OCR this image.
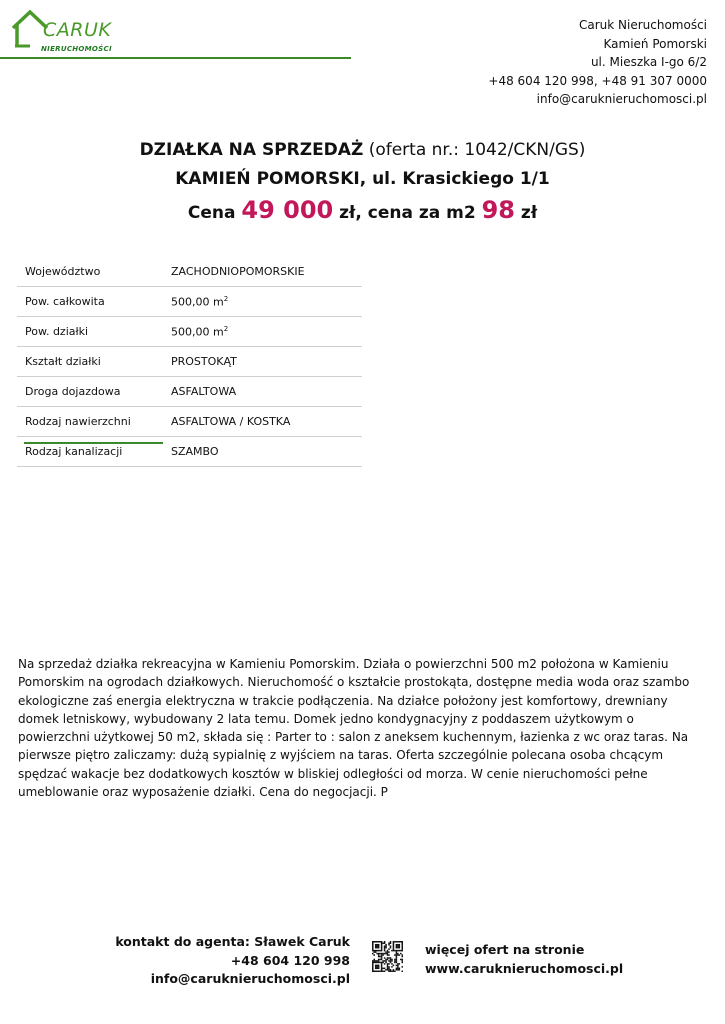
CARUK
NIERUCHOMOŚCI
Caruk Nieruchomości
Kamień Pomorski
ul. Mieszka I-go 6/2
+48 604 120 998, +48 91 307 0000
info@caruknieruchomosci.pl
DZIAŁKA NA SPRZEDAŻ (oferta nr.: 1042/CKN/GS)
KAMIEŃ POMORSKI, ul. Krasickiego 1/1
Cena 49 000 zł, cena za m2 98 zł
Województwo	ZACHODNIOPOMORSKIE
Pow. całkowita	500,00 $m^2$
Pow. działki	500,00 $m^2$
Kształt działki	PROSTOKĄT
Droga dojazdowa	ASFALTOWA
Rodzaj nawierzchni	ASFALTOWA / KOSTKA
Rodzaj kanalizacji	SZAMBO
Na sprzedaż działka rekreacyjna w Kamieniu Pomorskim. Działa o powierzchni 500 m2 położona w Kamieniu Pomorskim na ogrodach działkowych. Nieruchomość o kształcie prostokąta, dostępne media woda oraz szambo ekologiczne zaś energia elektryczna w trakcie podłączenia. Na działce położony jest komfortowy, drewniany domek letniskowy, wybudowany 2 lata temu. Domek jedno kondygnacyjny z poddaszem użytkowym o powierzchni użytkowej 50 m2, składa się : Parter to : salon z aneksem kuchennym, łazienka z wc oraz taras. Na pierwsze piętro zaliczamy: dużą sypialnię z wyjściem na taras. Oferta szczególnie polecana osoba chcącym spędzać wakacje bez dodatkowych kosztów w bliskiej odległości od morza. W cenie nieruchomości pełne umeblowanie oraz wyposażenie działki. Cena do negocjacji. P
kontakt do agenta: Sławek Caruk
+48 604 120 998
info@caruknieruchomosci.pl
więcej ofert na stronie
www.caruknieruchomosci.pl
